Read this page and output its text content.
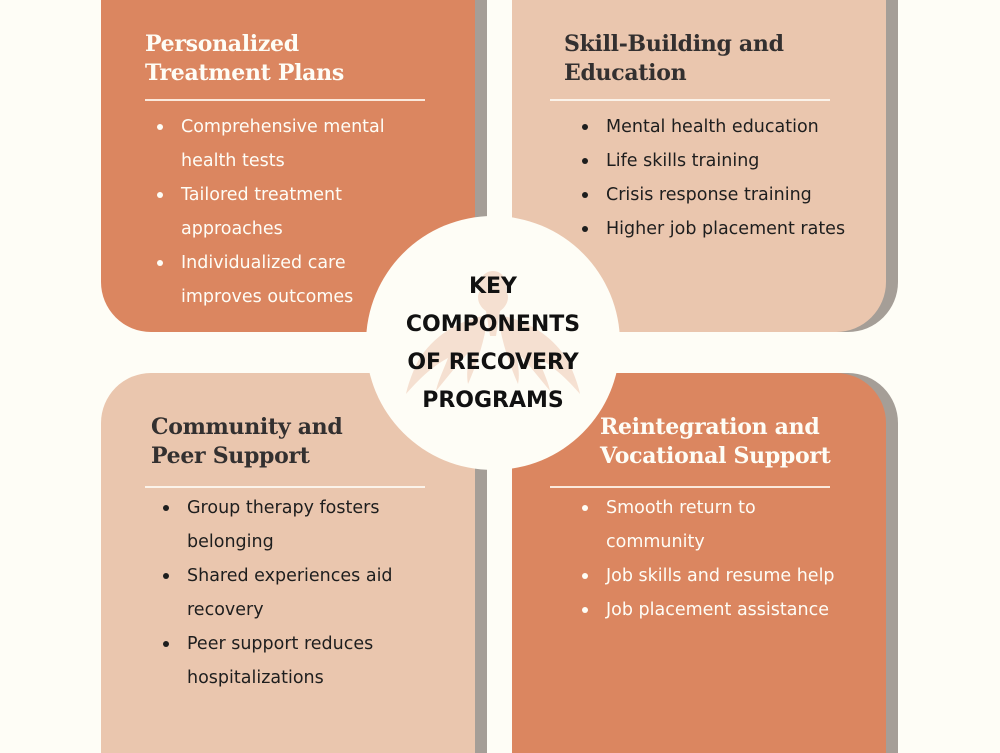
Personalized
Treatment Plans
Comprehensive mental health tests
Tailored treatment approaches
Individualized care improves outcomes
Skill-Building and
Education
Mental health education
Life skills training
Crisis response training
Higher job placement rates
Community and
Peer Support
Group therapy fosters belonging
Shared experiences aid recovery
Peer support reduces hospitalizations
Reintegration and
Vocational Support
Smooth return to community
Job skills and resume help
Job placement assistance
KEY
COMPONENTS
OF RECOVERY
PROGRAMS
